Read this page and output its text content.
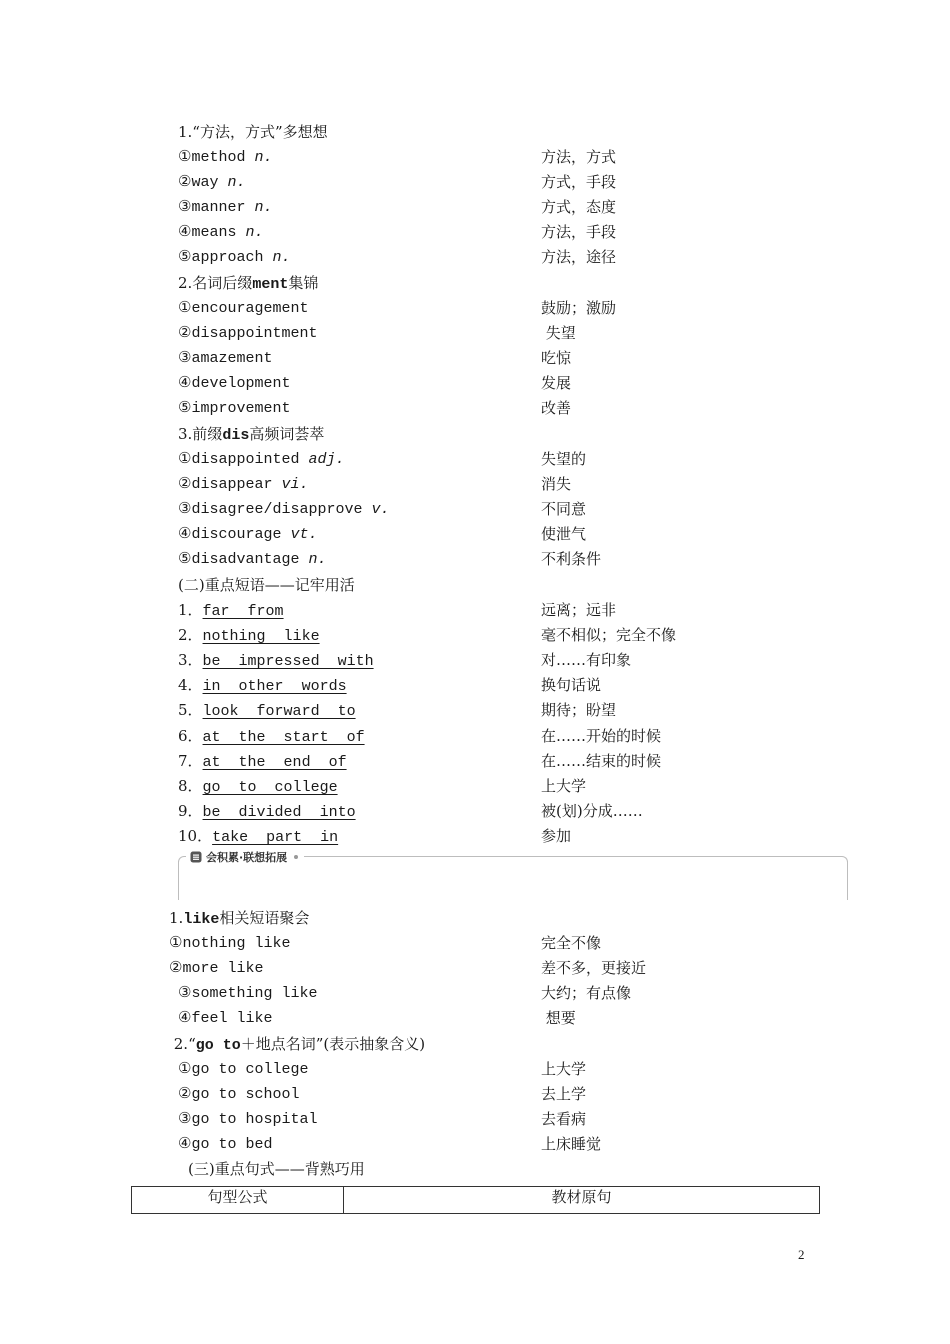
1.“方法，方式”多想想
①method n.	方法，方式
②way n.	方式，手段
③manner n.	方式，态度
④means n.	方法，手段
⑤approach n.	方法，途径
2.名词后缀ment集锦
①encouragement	鼓励；激励
②disappointment	失望
③amazement	吃惊
④development	发展
⑤improvement	改善
3.前缀dis高频词荟萃
①disappointed adj.	失望的
②disappear vi.	消失
③disagree/disapprove v.	不同意
④discourage vt.	使泄气
⑤disadvantage n.	不利条件
(二)重点短语——记牢用活
1．far  from	远离；远非
2．nothing  like	毫不相似；完全不像
3．be  impressed  with	对……有印象
4．in  other  words	换句话说
5．look  forward  to	期待；盼望
6．at  the  start  of	在……开始的时候
7．at  the  end  of	在……结束的时候
8．go  to  college	上大学
9．be  divided  into	被(划)分成……
10．take  part  in	参加
1.like相关短语聚会
①nothing like	完全不像
②more like	差不多，更接近
③something like	大约；有点像
④feel like	想要
2.“go to＋地点名词”(表示抽象含义)
①go to college	上大学
②go to school	去上学
③go to hospital	去看病
④go to bed	上床睡觉
(三)重点句式——背熟巧用
会积累·联想拓展
句型公式	教材原句
2
